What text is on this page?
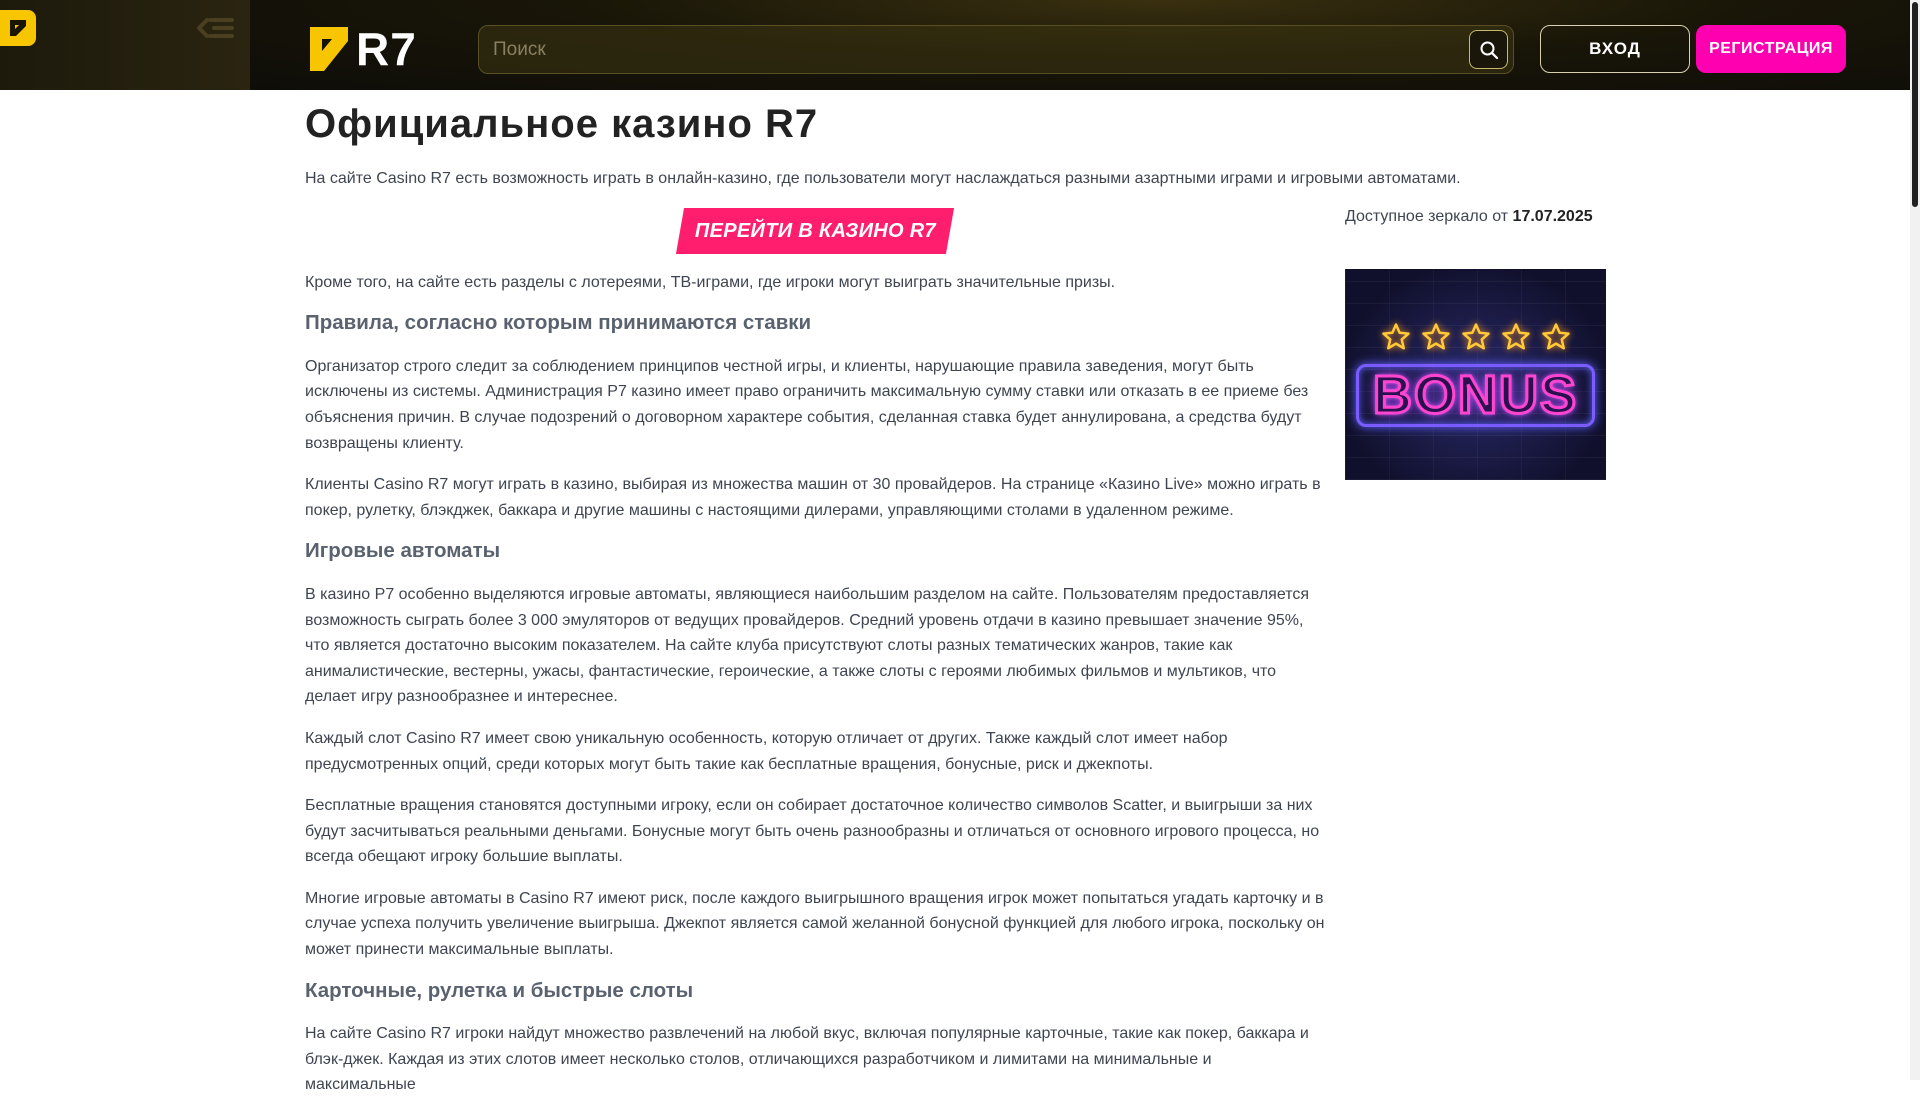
R7
Поиск	ВХОД	РЕГИСТРАЦИЯ
Официальное казино R7

На сайте Casino R7 есть возможность играть в онлайн-казино, где пользователи могут наслаждаться разными азартными играми и игровыми автоматами.

ПЕРЕЙТИ В КАЗИНО R7

Кроме того, на сайте есть разделы с лотереями, ТВ-играми, где игроки могут выиграть значительные призы.

Правила, согласно которым принимаются ставки

Организатор строго следит за соблюдением принципов честной игры, и клиенты, нарушающие правила заведения, могут быть исключены из системы. Администрация Р7 казино имеет право ограничить максимальную сумму ставки или отказать в ее приеме без объяснения причин. В случае подозрений о договорном характере события, сделанная ставка будет аннулирована, а средства будут возвращены клиенту.

Клиенты Casino R7 могут играть в казино, выбирая из множества машин от 30 провайдеров. На странице «Казино Live» можно играть в покер, рулетку, блэкджек, баккара и другие машины с настоящими дилерами, управляющими столами в удаленном режиме.

Игровые автоматы

В казино Р7 особенно выделяются игровые автоматы, являющиеся наибольшим разделом на сайте. Пользователям предоставляется возможность сыграть более 3 000 эмуляторов от ведущих провайдеров. Средний уровень отдачи в казино превышает значение 95%, что является достаточно высоким показателем. На сайте клуба присутствуют слоты разных тематических жанров, такие как анималистические, вестерны, ужасы, фантастические, героические, а также слоты с героями любимых фильмов и мультиков, что делает игру разнообразнее и интереснее.

Каждый слот Casino R7 имеет свою уникальную особенность, которую отличает от других. Также каждый слот имеет набор предусмотренных опций, среди которых могут быть такие как бесплатные вращения, бонусные, риск и джекпоты.

Бесплатные вращения становятся доступными игроку, если он собирает достаточное количество символов Scatter, и выигрыши за них будут засчитываться реальными деньгами. Бонусные могут быть очень разнообразны и отличаться от основного игрового процесса, но всегда обещают игроку большие выплаты.

Многие игровые автоматы в Casino R7 имеют риск, после каждого выигрышного вращения игрок может попытаться угадать карточку и в случае успеха получить увеличение выигрыша. Джекпот является самой желанной бонусной функцией для любого игрока, поскольку он может принести максимальные выплаты.

Карточные, рулетка и быстрые слоты

На сайте Casino R7 игроки найдут множество развлечений на любой вкус, включая популярные карточные, такие как покер, баккара и блэк-джек. Каждая из этих слотов имеет несколько столов, отличающихся разработчиком и лимитами на минимальные и максимальные

Доступное зеркало от 17.07.2025
BONUS
